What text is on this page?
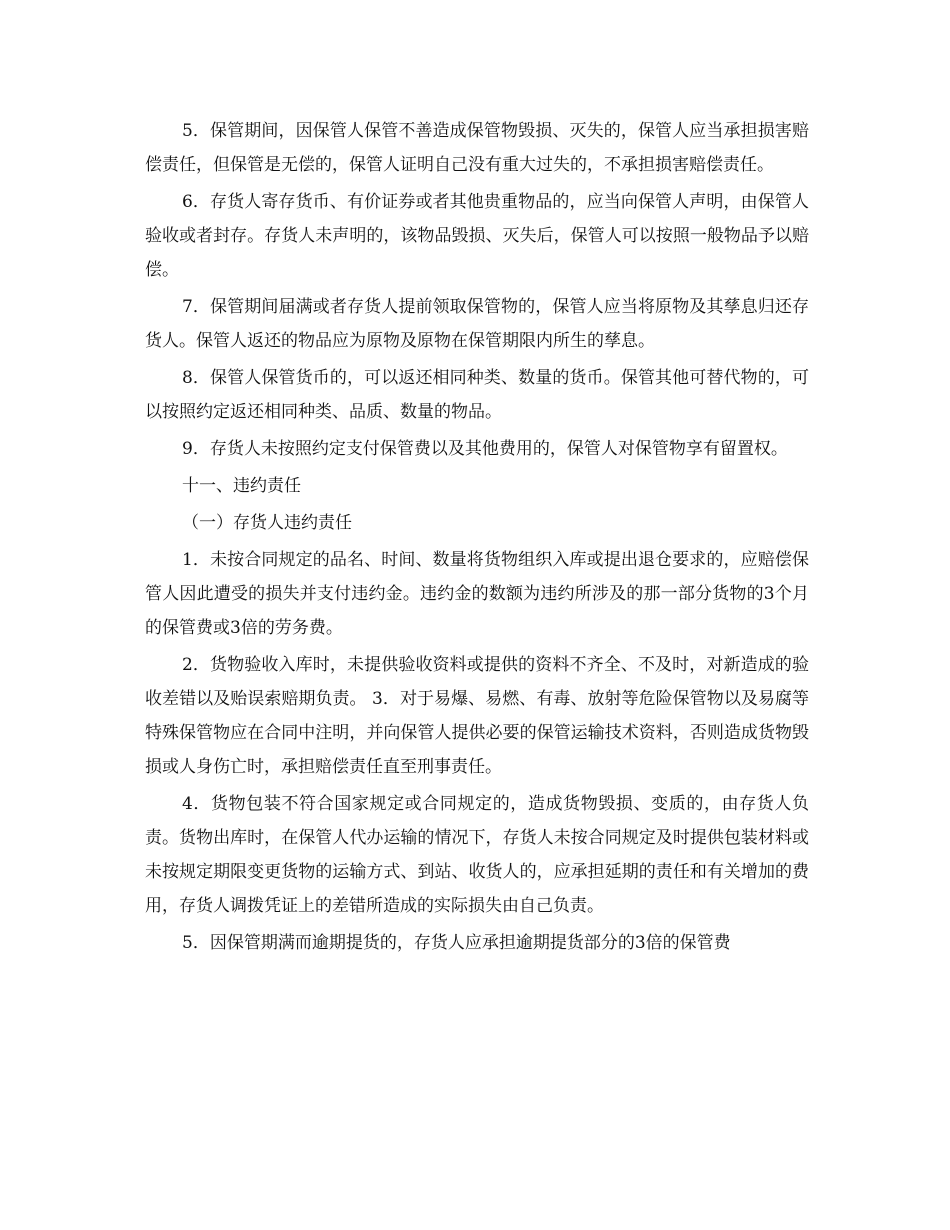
5．保管期间，因保管人保管不善造成保管物毁损、灭失的，保管人应当承担损害赔偿责任，但保管是无偿的，保管人证明自己没有重大过失的，不承担损害赔偿责任。

6．存货人寄存货币、有价证券或者其他贵重物品的，应当向保管人声明，由保管人验收或者封存。存货人未声明的，该物品毁损、灭失后，保管人可以按照一般物品予以赔偿。

7．保管期间届满或者存货人提前领取保管物的，保管人应当将原物及其孳息归还存货人。保管人返还的物品应为原物及原物在保管期限内所生的孳息。

8．保管人保管货币的，可以返还相同种类、数量的货币。保管其他可替代物的，可以按照约定返还相同种类、品质、数量的物品。

9．存货人未按照约定支付保管费以及其他费用的，保管人对保管物享有留置权。

十一、违约责任

（一）存货人违约责任

1．未按合同规定的品名、时间、数量将货物组织入库或提出退仓要求的，应赔偿保管人因此遭受的损失并支付违约金。违约金的数额为违约所涉及的那一部分货物的3个月的保管费或3倍的劳务费。

2．货物验收入库时，未提供验收资料或提供的资料不齐全、不及时，对新造成的验收差错以及贻误索赔期负责。 3．对于易爆、易燃、有毒、放射等危险保管物以及易腐等特殊保管物应在合同中注明，并向保管人提供必要的保管运输技术资料，否则造成货物毁损或人身伤亡时，承担赔偿责任直至刑事责任。

4．货物包装不符合国家规定或合同规定的，造成货物毁损、变质的，由存货人负责。货物出库时，在保管人代办运输的情况下，存货人未按合同规定及时提供包装材料或未按规定期限变更货物的运输方式、到站、收货人的，应承担延期的责任和有关增加的费用，存货人调拨凭证上的差错所造成的实际损失由自己负责。

5．因保管期满而逾期提货的，存货人应承担逾期提货部分的3倍的保管费
